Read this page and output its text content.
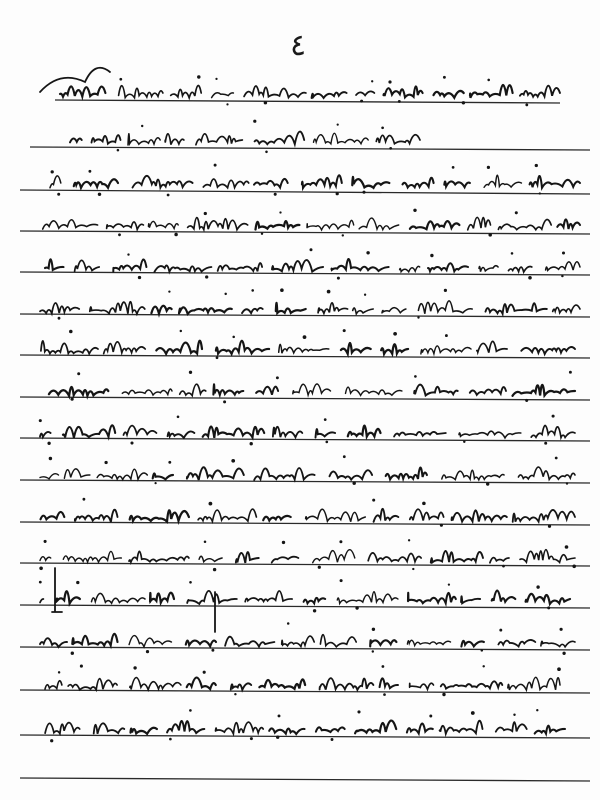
٤
